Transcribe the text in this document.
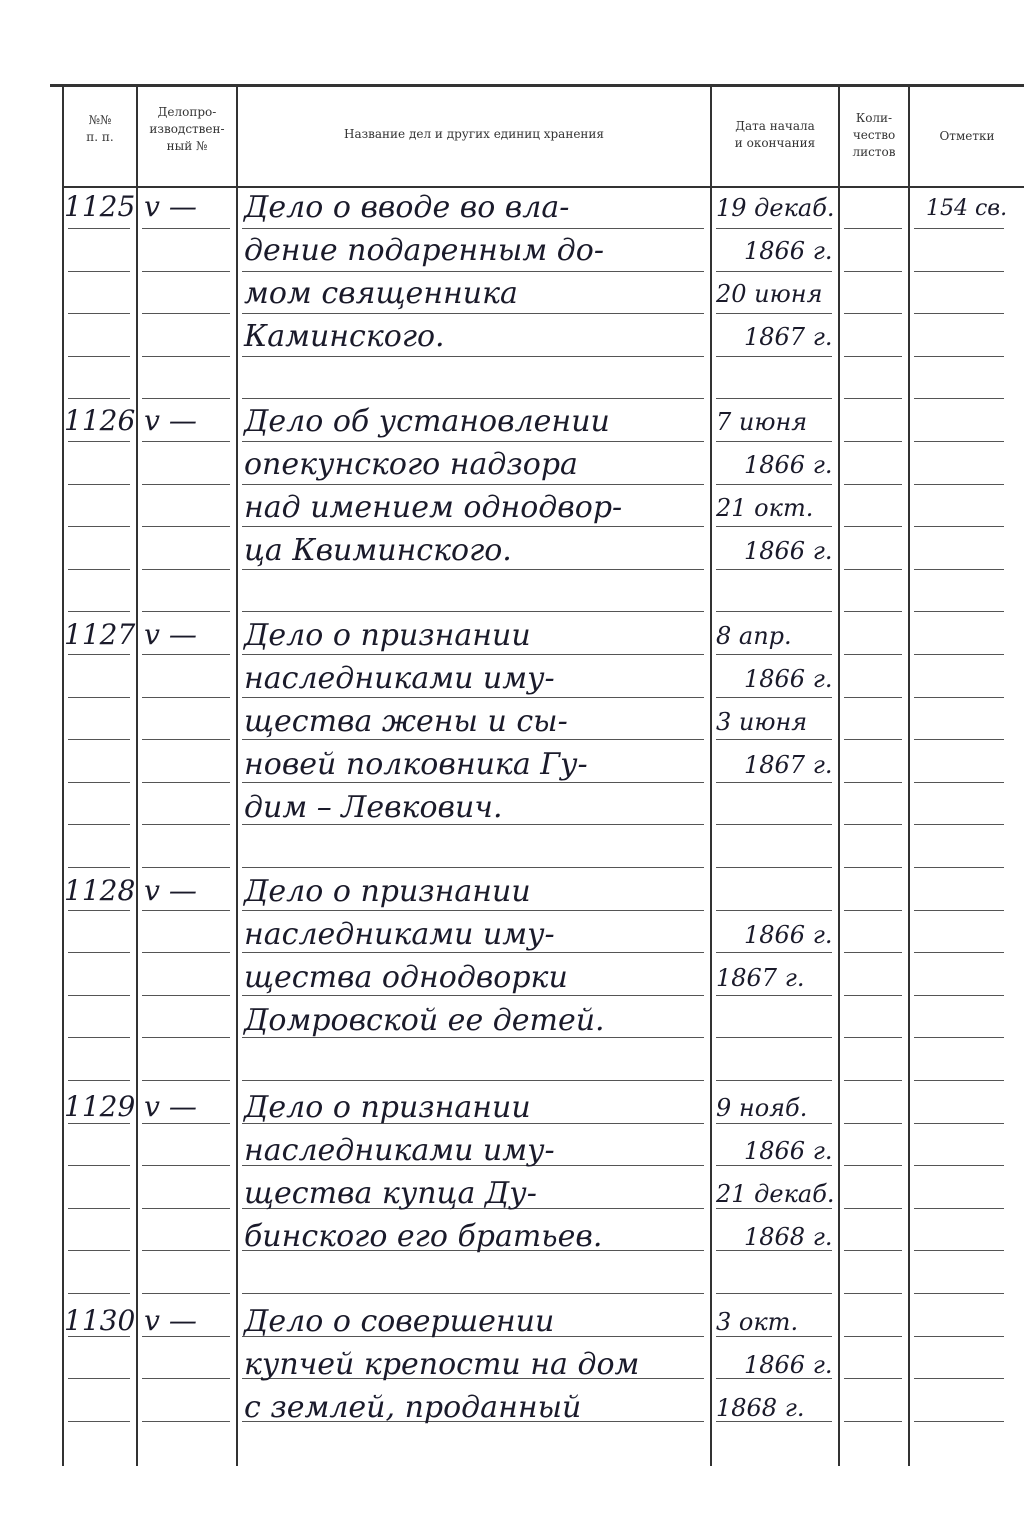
№№
п. п.
Делопро-
изводствен-
ный №
Название дел и других единиц хранения
Дата начала
и окончания
Коли-
чество
листов
Отметки
1125 v — Дело о вводе во вла-
дение подаренным до-
мом священника
Каминского.
19 декаб.
1866 г.
20 июня
1867 г.
154 св.
1126 v — Дело об установлении
опекунского надзора
над имением однодвор-
ца Квиминского.
7 июня
1866 г.
21 окт.
1866 г.
1127 v — Дело о признании
наследниками иму-
щества жены и сы-
новей полковника Гу-
дим – Левкович.
8 апр.
1866 г.
3 июня
1867 г.
1128 v — Дело о признании
наследниками иму-
щества однодворки
Домровской ее детей.
1866 г.
1867 г.
1129 v — Дело о признании
наследниками иму-
щества купца Ду-
бинского его братьев.
9 нояб.
1866 г.
21 декаб.
1868 г.
1130 v — Дело о совершении
купчей крепости на дом
с землей, проданный
3 окт.
1866 г.
1868 г.
